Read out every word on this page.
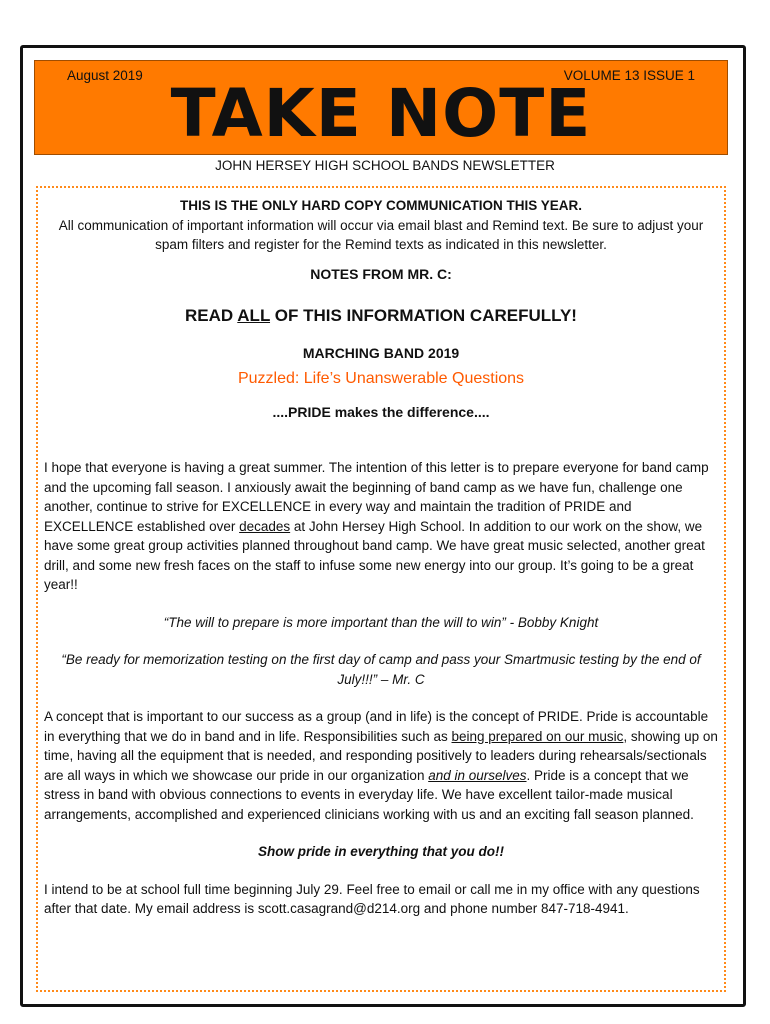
August 2019	VOLUME 13 ISSUE 1
TAKE NOTE
JOHN HERSEY HIGH SCHOOL BANDS NEWSLETTER
THIS IS THE ONLY HARD COPY COMMUNICATION THIS YEAR.
All communication of important information will occur via email blast and Remind text. Be sure to adjust your spam filters and register for the Remind texts as indicated in this newsletter.
NOTES FROM MR. C:
READ ALL OF THIS INFORMATION CAREFULLY!
MARCHING BAND 2019
Puzzled: Life’s Unanswerable Questions
....PRIDE makes the difference....

I hope that everyone is having a great summer. The intention of this letter is to prepare everyone for band camp and the upcoming fall season. I anxiously await the beginning of band camp as we have fun, challenge one another, continue to strive for EXCELLENCE in every way and maintain the tradition of PRIDE and EXCELLENCE established over decades at John Hersey High School. In addition to our work on the show, we have some great group activities planned throughout band camp. We have great music selected, another great drill, and some new fresh faces on the staff to infuse some new energy into our group. It’s going to be a great year!!

“The will to prepare is more important than the will to win” - Bobby Knight

“Be ready for memorization testing on the first day of camp and pass your Smartmusic testing by the end of July!!!” – Mr. C

A concept that is important to our success as a group (and in life) is the concept of PRIDE. Pride is accountable in everything that we do in band and in life. Responsibilities such as being prepared on our music, showing up on time, having all the equipment that is needed, and responding positively to leaders during rehearsals/sectionals are all ways in which we showcase our pride in our organization and in ourselves. Pride is a concept that we stress in band with obvious connections to events in everyday life. We have excellent tailor-made musical arrangements, accomplished and experienced clinicians working with us and an exciting fall season planned.

Show pride in everything that you do!!

I intend to be at school full time beginning July 29. Feel free to email or call me in my office with any questions after that date. My email address is scott.casagrand@d214.org and phone number 847-718-4941.
